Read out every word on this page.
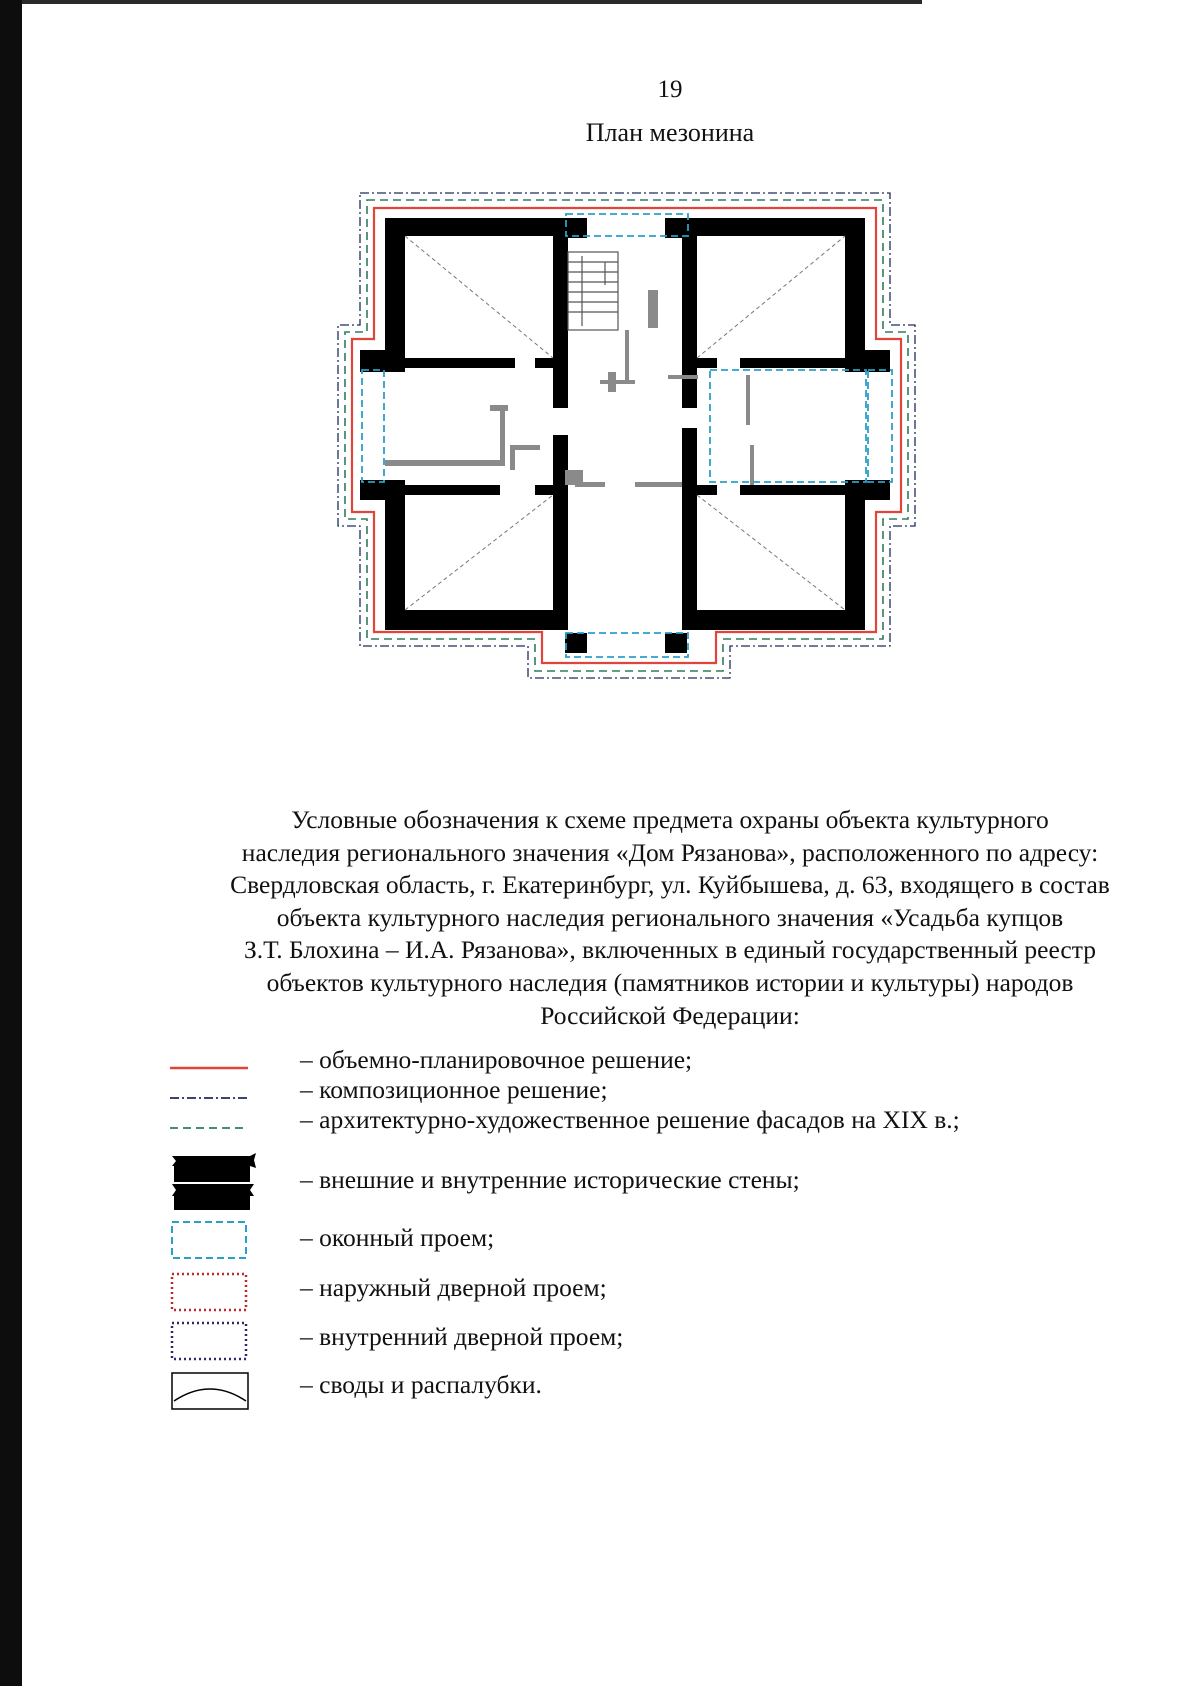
19
План мезонина
Условные обозначения к схеме предмета охраны объекта культурного
наследия регионального значения «Дом Рязанова», расположенного по адресу:
Свердловская область, г. Екатеринбург, ул. Куйбышева, д. 63, входящего в состав
объекта культурного наследия регионального значения «Усадьба купцов
З.Т. Блохина – И.А. Рязанова», включенных в единый государственный реестр
объектов культурного наследия (памятников истории и культуры) народов
Российской Федерации:
– объемно-планировочное решение;
– композиционное решение;
– архитектурно-художественное решение фасадов на XIX в.;
– внешние и внутренние исторические стены;
– оконный проем;
– наружный дверной проем;
– внутренний дверной проем;
– своды и распалубки.
